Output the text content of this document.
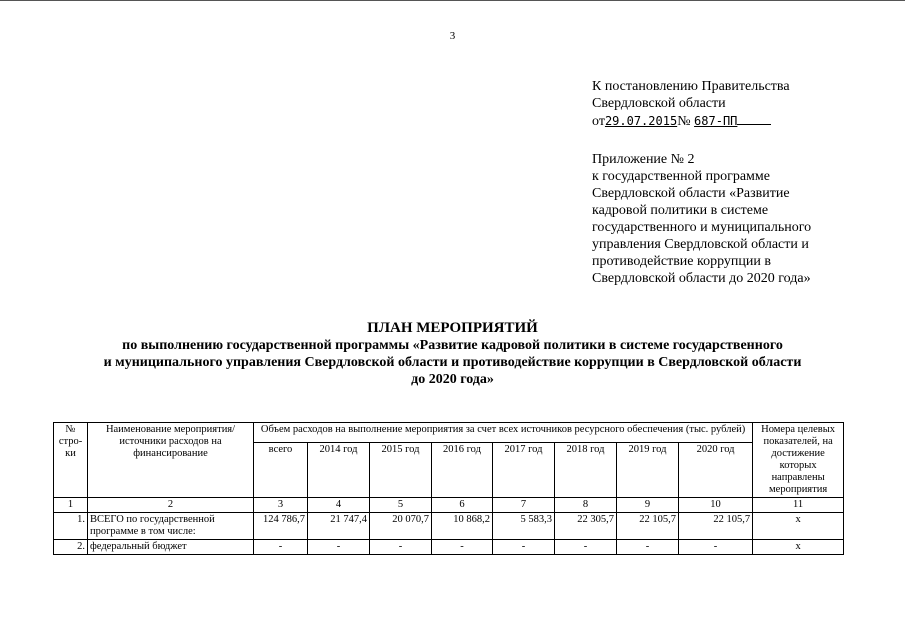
3
К постановлению Правительства
Свердловской области
от29.07.2015№ 687-ПП
Приложение № 2
к государственной программе
Свердловской области «Развитие
кадровой политики в системе
государственного и муниципального
управления Свердловской области и
противодействие коррупции в
Свердловской области до 2020 года»
ПЛАН МЕРОПРИЯТИЙ
по выполнению государственной программы «Развитие кадровой политики в системе государственного
и муниципального управления Свердловской области и противодействие коррупции в Свердловской области
до 2020 года»
№ стро-ки	Наименование мероприятия/источники расходов на финансирование	Объем расходов на выполнение мероприятия за счет всех источников ресурсного обеспечения (тыс. рублей)								Номера целевых показателей, на достижение которых направлены мероприятия
		всего	2014 год	2015 год	2016 год	2017 год	2018 год	2019 год	2020 год	
1	2	3	4	5	6	7	8	9	10	11
1.	ВСЕГО по государственной программе в том числе:	124 786,7	21 747,4	20 070,7	10 868,2	5 583,3	22 305,7	22 105,7	22 105,7	х
2.	федеральный бюджет	-	-	-	-	-	-	-	-	х
